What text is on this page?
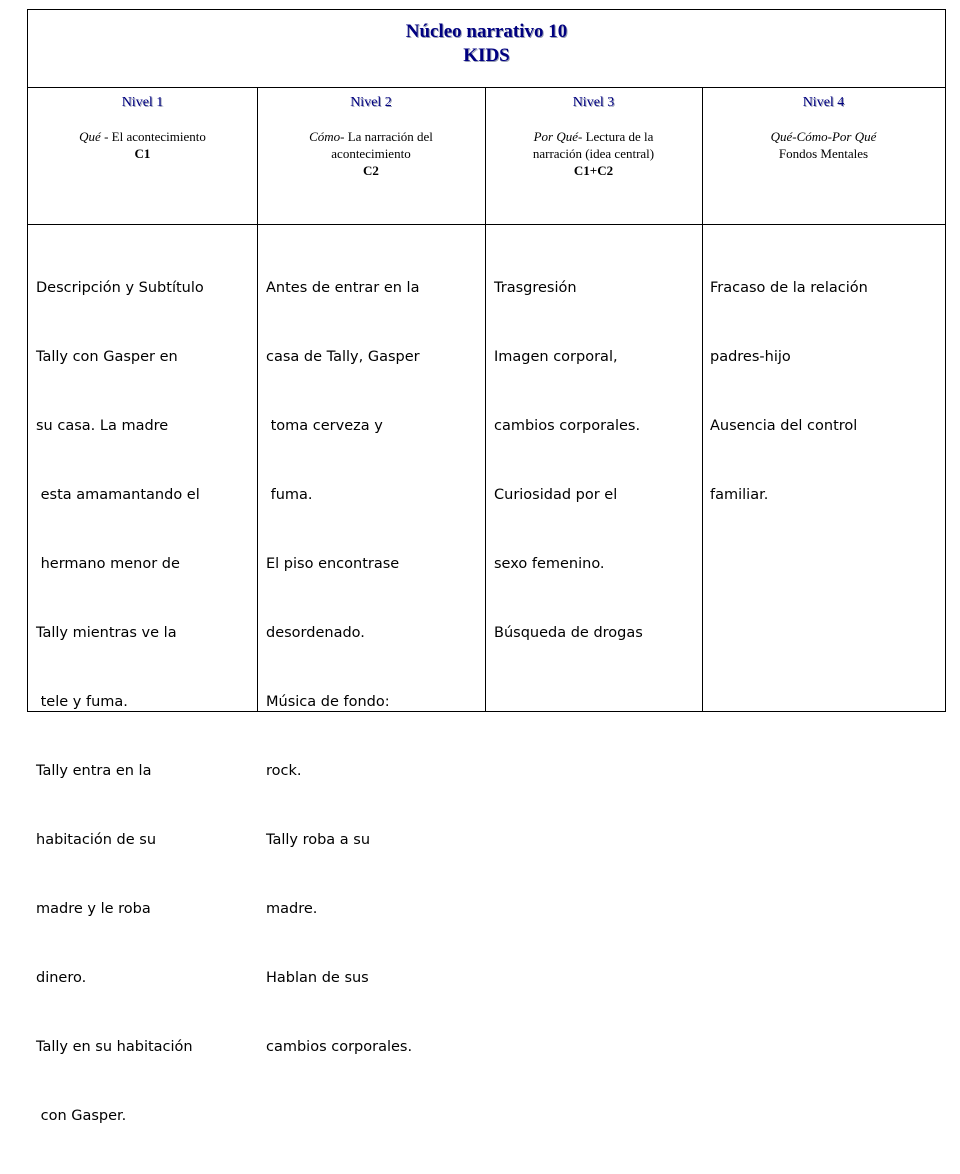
Núcleo narrativo 10
KIDS
Nivel 1
Qué - El acontecimiento
C1
Nivel 2
Cómo- La narración del
acontecimiento
C2
Nivel 3
Por Qué- Lectura de la
narración (idea central)
C1+C2
Nivel 4
Qué-Cómo-Por Qué
Fondos Mentales

Descripción y Subtítulo

Tally con Gasper en

su casa. La madre

esta amamantando el

hermano menor de

Tally mientras ve la

tele y fuma.

Tally entra en la

habitación de su

madre y le roba

dinero.

Tally en su habitación

con Gasper.

Antes de entrar en la

casa de Tally, Gasper

toma cerveza y

fuma.

El piso encontrase

desordenado.

Música de fondo:

rock.

Tally roba a su

madre.

Hablan de sus

cambios corporales.

Trasgresión

Imagen corporal,

cambios corporales.

Curiosidad por el

sexo femenino.

Búsqueda de drogas

Fracaso de la relación

padres-hijo

Ausencia del control

familiar.
